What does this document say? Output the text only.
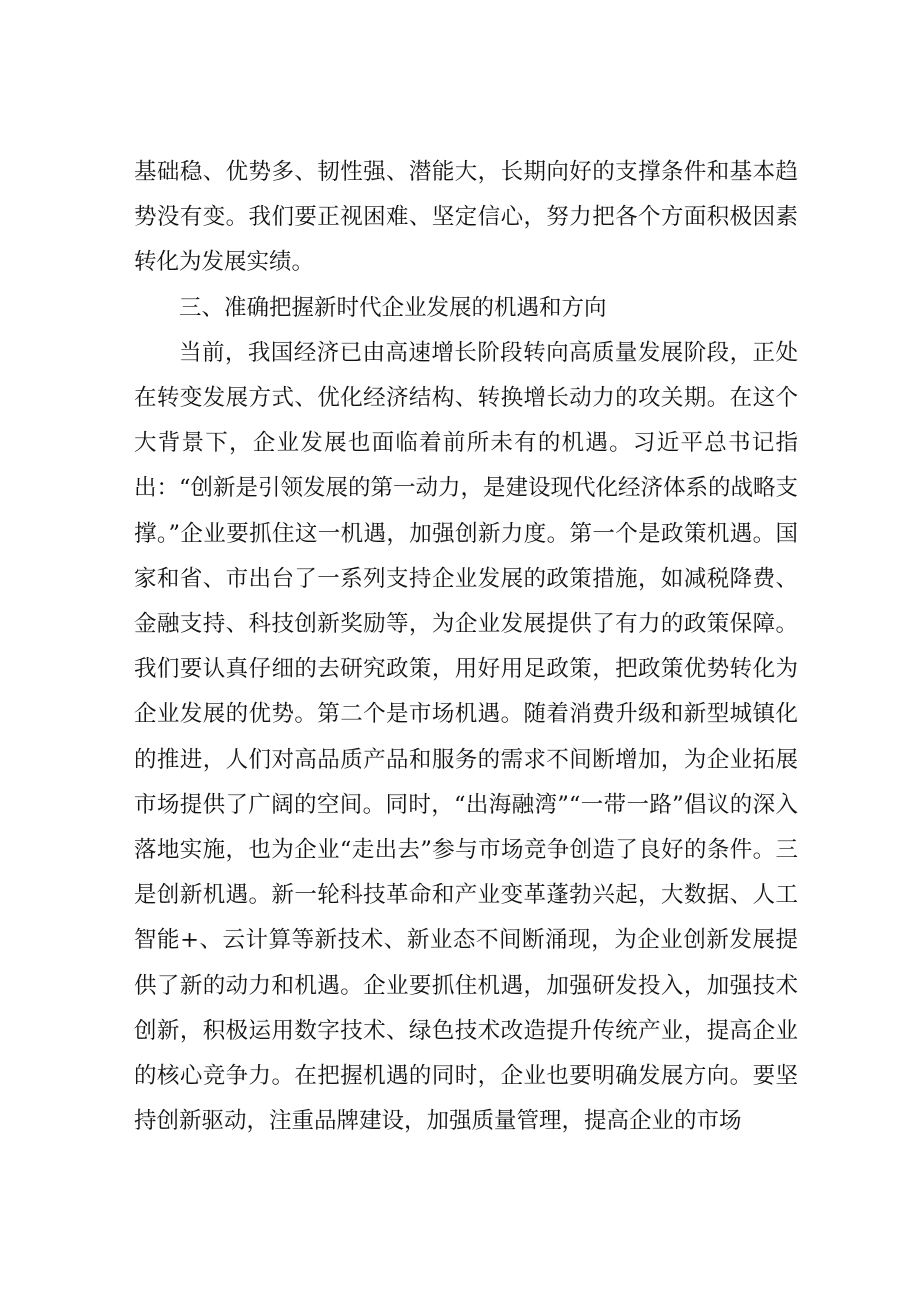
基础稳、优势多、韧性强、潜能大，长期向好的支撑条件和基本趋势没有变。我们要正视困难、坚定信心，努力把各个方面积极因素转化为发展实绩。

三、准确把握新时代企业发展的机遇和方向

当前，我国经济已由高速增长阶段转向高质量发展阶段，正处在转变发展方式、优化经济结构、转换增长动力的攻关期。在这个大背景下，企业发展也面临着前所未有的机遇。习近平总书记指出：“创新是引领发展的第一动力，是建设现代化经济体系的战略支撑。”企业要抓住这一机遇，加强创新力度。第一个是政策机遇。国家和省、市出台了一系列支持企业发展的政策措施，如减税降费、金融支持、科技创新奖励等，为企业发展提供了有力的政策保障。我们要认真仔细的去研究政策，用好用足政策，把政策优势转化为企业发展的优势。第二个是市场机遇。随着消费升级和新型城镇化的推进，人们对高品质产品和服务的需求不间断增加，为企业拓展市场提供了广阔的空间。同时，“出海融湾”“一带一路”倡议的深入落地实施，也为企业“走出去”参与市场竞争创造了良好的条件。三是创新机遇。新一轮科技革命和产业变革蓬勃兴起，大数据、人工智能+、云计算等新技术、新业态不间断涌现，为企业创新发展提供了新的动力和机遇。企业要抓住机遇，加强研发投入，加强技术创新，积极运用数字技术、绿色技术改造提升传统产业，提高企业的核心竞争力。在把握机遇的同时，企业也要明确发展方向。要坚持创新驱动，注重品牌建设，加强质量管理，提高企业的市场
